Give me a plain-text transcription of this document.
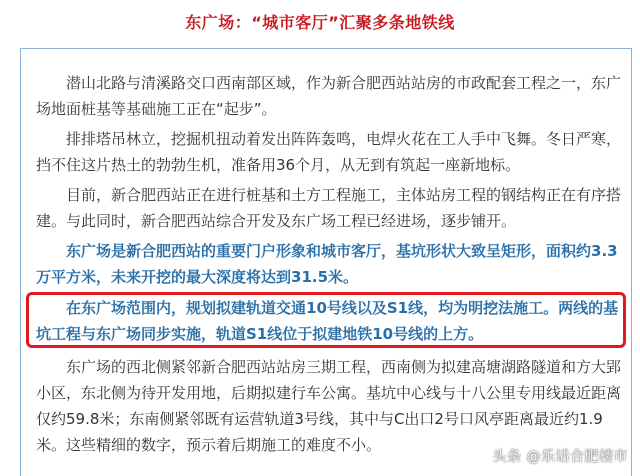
东广场：“城市客厅”汇聚多条地铁线

潜山北路与清溪路交口西南部区域，作为新合肥西站站房的市政配套工程之一，东广场地面桩基等基础施工正在“起步”。

排排塔吊林立，挖掘机扭动着发出阵阵轰鸣，电焊火花在工人手中飞舞。冬日严寒，挡不住这片热土的勃勃生机，准备用36个月，从无到有筑起一座新地标。

目前，新合肥西站正在进行桩基和土方工程施工，主体站房工程的钢结构正在有序搭建。与此同时，新合肥西站综合开发及东广场工程已经进场，逐步铺开。

东广场是新合肥西站的重要门户形象和城市客厅，基坑形状大致呈矩形，面积约3.3万平方米，未来开挖的最大深度将达到31.5米。

在东广场范围内，规划拟建轨道交通10号线以及S1线，均为明挖法施工。两线的基坑工程与东广场同步实施，轨道S1线位于拟建地铁10号线的上方。

东广场的西北侧紧邻新合肥西站站房三期工程，西南侧为拟建高塘湖路隧道和方大郢小区，东北侧为待开发用地，后期拟建行车公寓。基坑中心线与十八公里专用线最近距离仅约59.8米；东南侧紧邻既有运营轨道3号线，其中与C出口2号口风亭距离最近约1.9米。这些精细的数字，预示着后期施工的难度不小。

头条 @乐话合肥楼市
